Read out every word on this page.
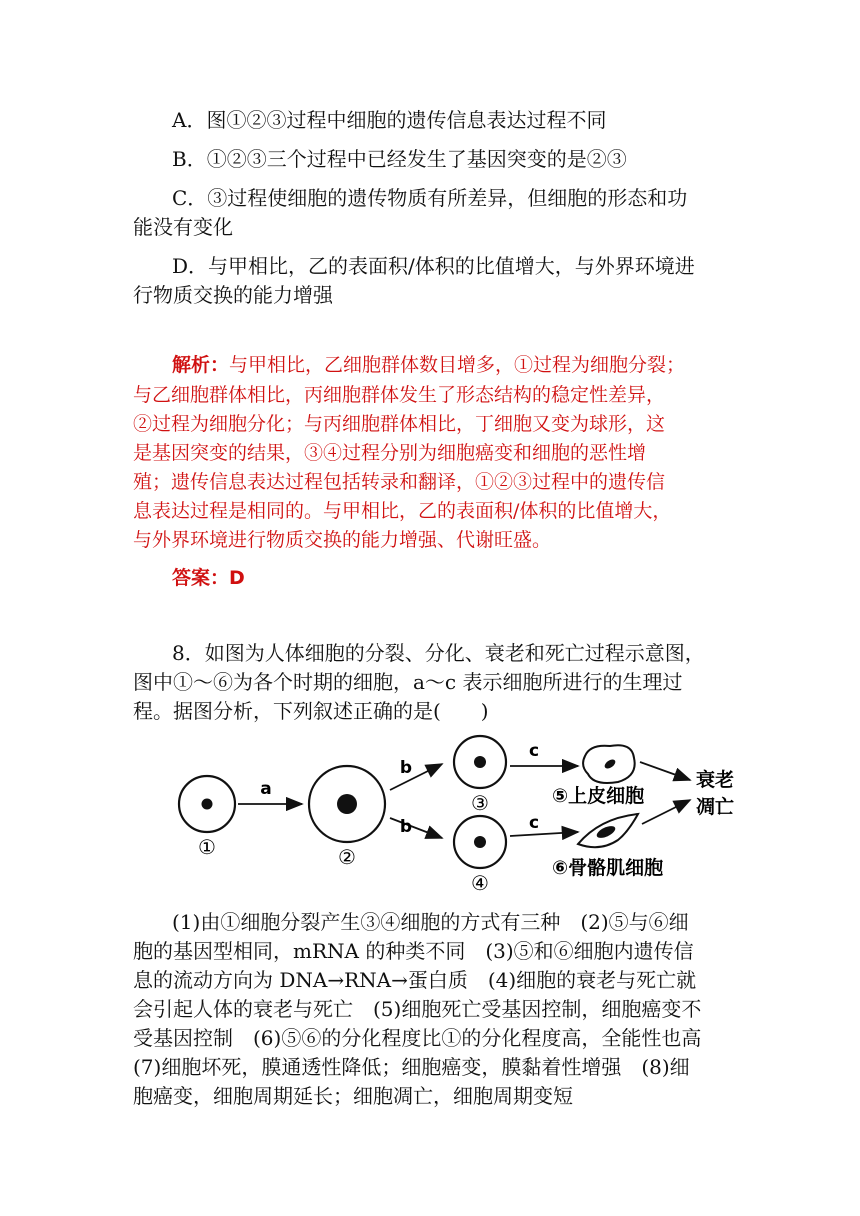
A．图①②③过程中细胞的遗传信息表达过程不同
B．①②③三个过程中已经发生了基因突变的是②③
C．③过程使细胞的遗传物质有所差异，但细胞的形态和功
能没有变化
D．与甲相比，乙的表面积/体积的比值增大，与外界环境进
行物质交换的能力增强
解析：与甲相比，乙细胞群体数目增多，①过程为细胞分裂；
与乙细胞群体相比，丙细胞群体发生了形态结构的稳定性差异，
②过程为细胞分化；与丙细胞群体相比，丁细胞又变为球形，这
是基因突变的结果，③④过程分别为细胞癌变和细胞的恶性增
殖；遗传信息表达过程包括转录和翻译，①②③过程中的遗传信
息表达过程是相同的。与甲相比，乙的表面积/体积的比值增大，
与外界环境进行物质交换的能力增强、代谢旺盛。
答案：D
8．如图为人体细胞的分裂、分化、衰老和死亡过程示意图，
图中①～⑥为各个时期的细胞，a～c 表示细胞所进行的生理过
程。据图分析，下列叙述正确的是(　　)
①
a
②
b
b
③
④
c
c
⑤上皮细胞
⑥骨骼肌细胞
衰老
凋亡
(1)由①细胞分裂产生③④细胞的方式有三种　(2)⑤与⑥细
胞的基因型相同，mRNA 的种类不同　(3)⑤和⑥细胞内遗传信
息的流动方向为 DNA→RNA→蛋白质　(4)细胞的衰老与死亡就
会引起人体的衰老与死亡　(5)细胞死亡受基因控制，细胞癌变不
受基因控制　(6)⑤⑥的分化程度比①的分化程度高，全能性也高
(7)细胞坏死，膜通透性降低；细胞癌变，膜黏着性增强　(8)细
胞癌变，细胞周期延长；细胞凋亡，细胞周期变短
